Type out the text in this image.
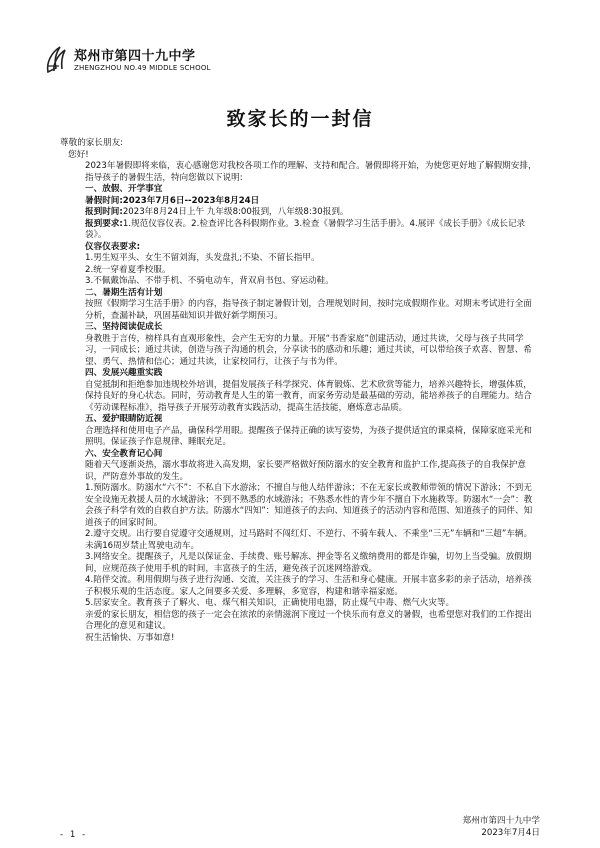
郑州市第四十九中学
ZHENGZHOU NO.49 MIDDLE SCHOOL
致家长的一封信

尊敬的家长朋友:

您好!

2023年暑假即将来临，衷心感谢您对我校各项工作的理解、支持和配合。暑假即将开始，为使您更好地了解假期安排，指导孩子的暑假生活，特向您做以下说明:

一、放假、开学事宜

暑假时间:2023年7月6日--2023年8月24日

报到时间:2023年8月24日上午 九年级8:00报到，八年级8:30报到。

报到要求:1.规范仪容仪表。2.检查评比各科假期作业。3.检查《暑假学习生活手册》。4.展评《成长手册》《成长记录袋》。

仪容仪表要求:

1.男生短平头、女生不留刘海，头发盘扎;不染、不留长指甲。

2.统一穿着夏季校服。

3.不佩戴饰品、不带手机、不骑电动车，背双肩书包、穿运动鞋。

二、暑期生活有计划

按照《假期学习生活手册》的内容，指导孩子制定暑假计划，合理规划时间，按时完成假期作业。对期末考试进行全面分析，查漏补缺，巩固基础知识并做好新学期预习。

三、坚持阅读促成长

身教胜于言传，榜样具有直观形象性，会产生无穷的力量。开展“书香家庭”创建活动，通过共读，父母与孩子共同学习，一同成长；通过共读，创造与孩子沟通的机会，分享读书的感动和乐趣；通过共读，可以带给孩子欢喜、智慧、希望、勇气、热情和信心；通过共读，让家校同行，让孩子与书为伴。

四、发展兴趣重实践

自觉抵制和拒绝参加违规校外培训，提倡发展孩子科学探究、体育锻炼、艺术欣赏等能力，培养兴趣特长，增强体质，保持良好的身心状态。同时，劳动教育是人生的第一教育，而家务劳动是最基础的劳动，能培养孩子的自理能力。结合《劳动课程标准》，指导孩子开展劳动教育实践活动，提高生活技能，磨炼意志品质。

五、爱护眼睛防近视

合理选择和使用电子产品，确保科学用眼。提醒孩子保持正确的读写姿势，为孩子提供适宜的课桌椅，保障家庭采光和照明。保证孩子作息规律、睡眠充足。

六、安全教育记心间

随着天气逐渐炎热，溺水事故将进入高发期，家长要严格做好预防溺水的安全教育和监护工作,提高孩子的自我保护意识，严防意外事故的发生。

1.预防溺水。防溺水“六不”：不私自下水游泳；不擅自与他人结伴游泳；不在无家长或教师带领的情况下游泳；不到无安全设施无救援人员的水域游泳；不到不熟悉的水域游泳；不熟悉水性的青少年不擅自下水施救等。防溺水“一会”：教会孩子科学有效的自救自护方法。防溺水“四知”：知道孩子的去向、知道孩子的活动内容和范围、知道孩子的同伴、知道孩子的回家时间。

2.遵守交规。出行要自觉遵守交通规则，过马路时不闯红灯、不逆行、不骑车载人、不乘坐“三无”车辆和“三超”车辆。未满16周岁禁止驾驶电动车。

3.网络安全。提醒孩子，凡是以保证金、手续费、账号解冻、押金等名义缴纳费用的都是诈骗，切勿上当受骗。放假期间，应规范孩子使用手机的时间，丰富孩子的生活，避免孩子沉迷网络游戏。

4.陪伴交流。利用假期与孩子进行沟通、交流，关注孩子的学习、生活和身心健康。开展丰富多彩的亲子活动，培养孩子积极乐观的生活态度。家人之间要多关爱、多理解，多宽容，构建和谐幸福家庭。

5.居家安全。教育孩子了解火、电、煤气相关知识，正确使用电器，防止煤气中毒、燃气火灾等。

亲爱的家长朋友，相信您的孩子一定会在浓浓的亲情滋润下度过一个快乐而有意义的暑假，也希望您对我们的工作提出合理化的意见和建议。

祝生活愉快、万事如意!

郑州市第四十九中学
2023年7月4日
- 1 -
